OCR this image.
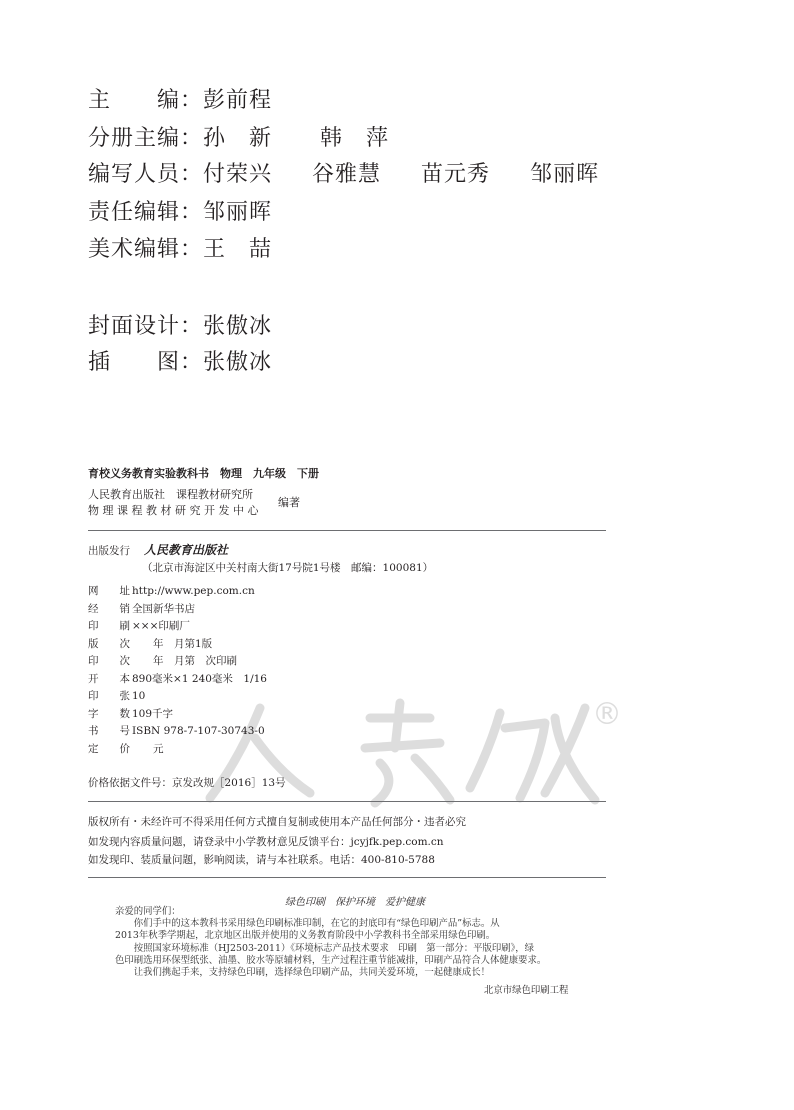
主　　编：彭前程
分册主编：孙　新 韩　萍
编写人员：付荣兴 谷雅慧 苗元秀 邹丽晖
责任编辑：邹丽晖
美术编辑：王　喆
封面设计：张傲冰
插　　图：张傲冰
育校义务教育实验教科书　物理　九年级　下册
人民教育出版社　课程教材研究所
物 理 课 程 教 材 研 究 开 发 中 心
编著
出版发行 人民教育出版社
（北京市海淀区中关村南大街17号院1号楼　邮编：100081）
网　　址 http://www.pep.com.cn
经　　销 全国新华书店
印　　刷 ×××印刷厂
版　　次　　年　月第1版
印　　次　　年　月第　次印刷
开　　本 890毫米×1 240毫米　1/16
印　　张 10
字　　数 109千字
书　　号 ISBN 978-7-107-30743-0
定　　价　　元
价格依据文件号：京发改规［2016］13号
®
版权所有・未经许可不得采用任何方式擅自复制或使用本产品任何部分・违者必究
如发现内容质量问题，请登录中小学教材意见反馈平台：jcyjfk.pep.com.cn
如发现印、装质量问题，影响阅读，请与本社联系。电话：400-810-5788
绿色印刷　保护环境　爱护健康

亲爱的同学们：

　　你们手中的这本教科书采用绿色印刷标准印制，在它的封底印有“绿色印刷产品”标志。从

2013年秋季学期起，北京地区出版并使用的义务教育阶段中小学教科书全部采用绿色印刷。

　　按照国家环境标准（HJ2503-2011）《环境标志产品技术要求　印刷　第一部分：平版印刷》，绿

色印刷选用环保型纸张、油墨、胶水等原辅材料，生产过程注重节能减排，印刷产品符合人体健康要求。

　　让我们携起手来，支持绿色印刷，选择绿色印刷产品，共同关爱环境，一起健康成长！

北京市绿色印刷工程
